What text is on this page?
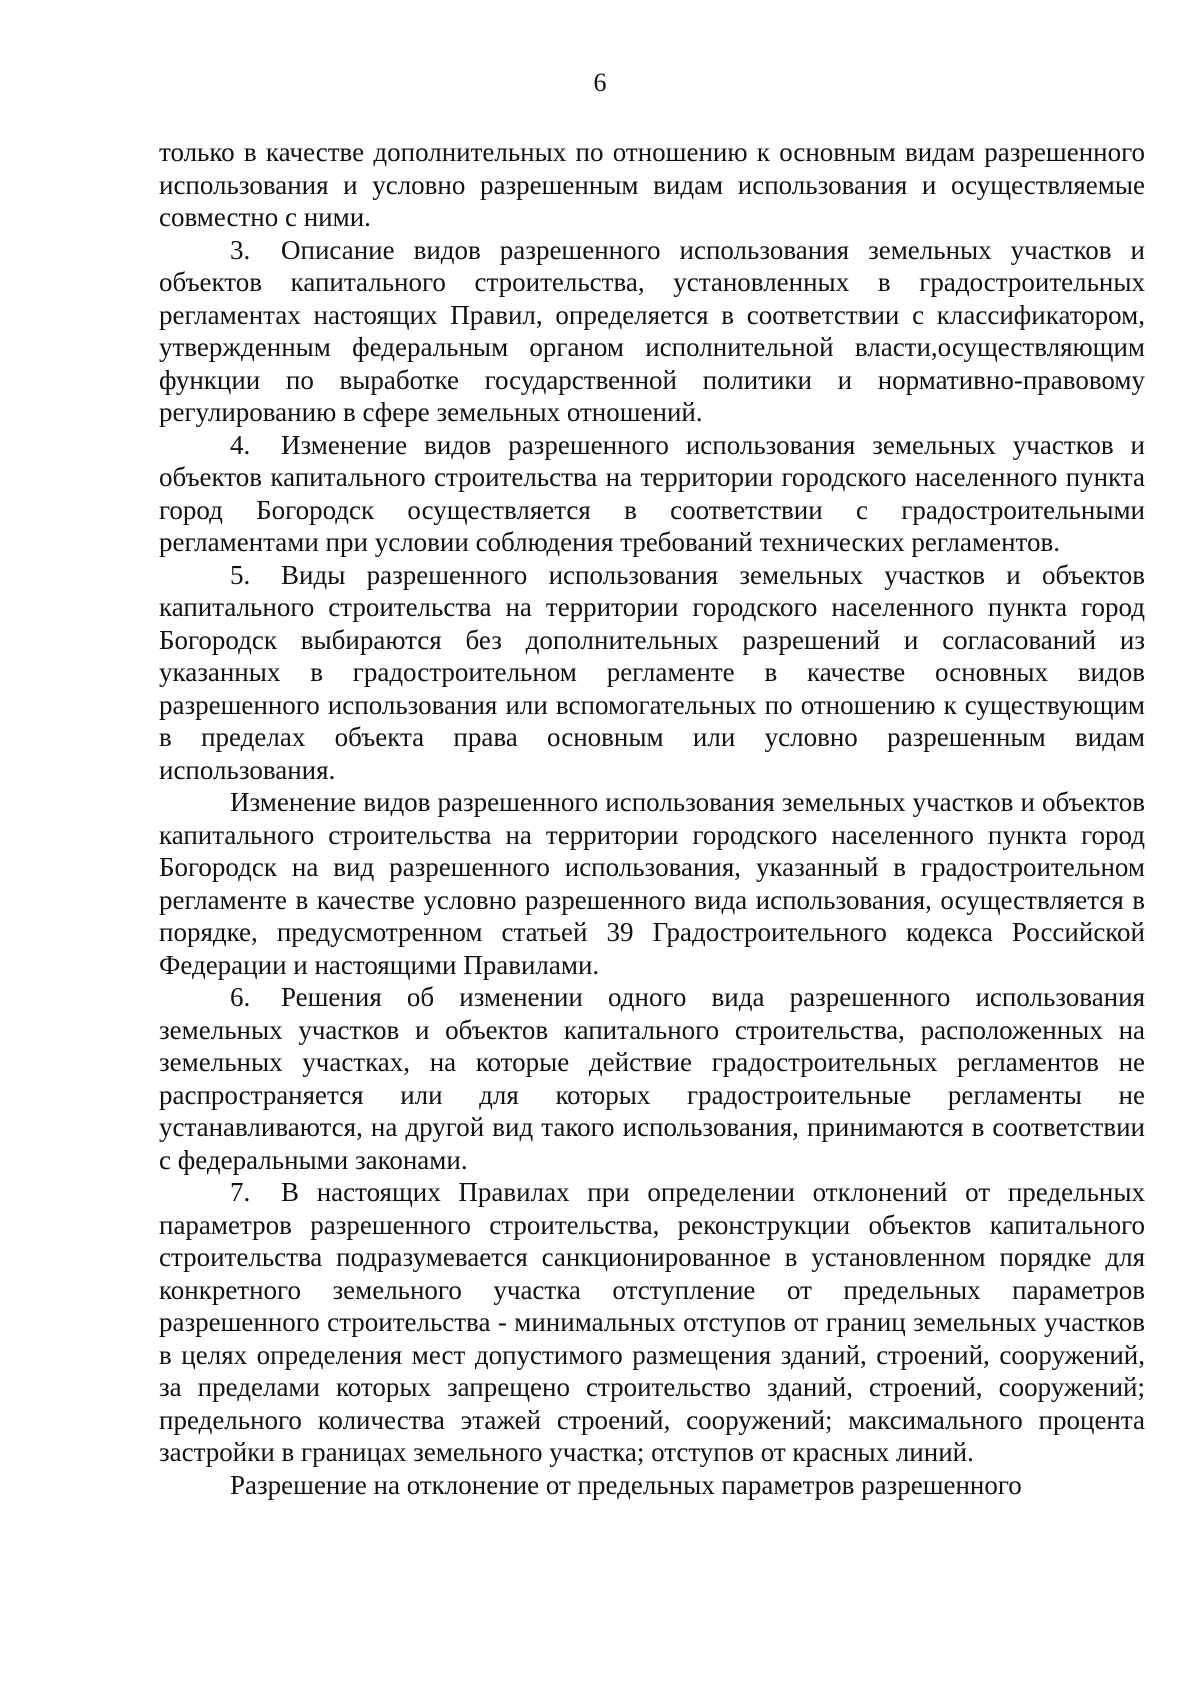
6

только в качестве дополнительных по отношению к основным видам разрешенного использования и условно разрешенным видам использования и осуществляемые совместно с ними.

3. Описание видов разрешенного использования земельных участков и объектов капитального строительства, установленных в градостроительных регламентах настоящих Правил, определяется в соответствии с классификатором, утвержденным федеральным органом исполнительной власти,осуществляющим функции по выработке государственной политики и нормативно-правовому регулированию в сфере земельных отношений.

4. Изменение видов разрешенного использования земельных участков и объектов капитального строительства на территории городского населенного пункта город Богородск осуществляется в соответствии с градостроительными регламентами при условии соблюдения требований технических регламентов.

5. Виды разрешенного использования земельных участков и объектов капитального строительства на территории городского населенного пункта город Богородск выбираются без дополнительных разрешений и согласований из указанных в градостроительном регламенте в качестве основных видов разрешенного использования или вспомогательных по отношению к существующим в пределах объекта права основным или условно разрешенным видам использования.

Изменение видов разрешенного использования земельных участков и объектов капитального строительства на территории городского населенного пункта город Богородск на вид разрешенного использования, указанный в градостроительном регламенте в качестве условно разрешенного вида использования, осуществляется в порядке, предусмотренном статьей 39 Градостроительного кодекса Российской Федерации и настоящими Правилами.

6. Решения об изменении одного вида разрешенного использования земельных участков и объектов капитального строительства, расположенных на земельных участках, на которые действие градостроительных регламентов не распространяется или для которых градостроительные регламенты не устанавливаются, на другой вид такого использования, принимаются в соответствии с федеральными законами.

7. В настоящих Правилах при определении отклонений от предельных параметров разрешенного строительства, реконструкции объектов капитального строительства подразумевается санкционированное в установленном порядке для конкретного земельного участка отступление от предельных параметров разрешенного строительства - минимальных отступов от границ земельных участков в целях определения мест допустимого размещения зданий, строений, сооружений, за пределами которых запрещено строительство зданий, строений, сооружений; предельного количества этажей строений, сооружений; максимального процента застройки в границах земельного участка; отступов от красных линий.

Разрешение на отклонение от предельных параметров разрешенного
